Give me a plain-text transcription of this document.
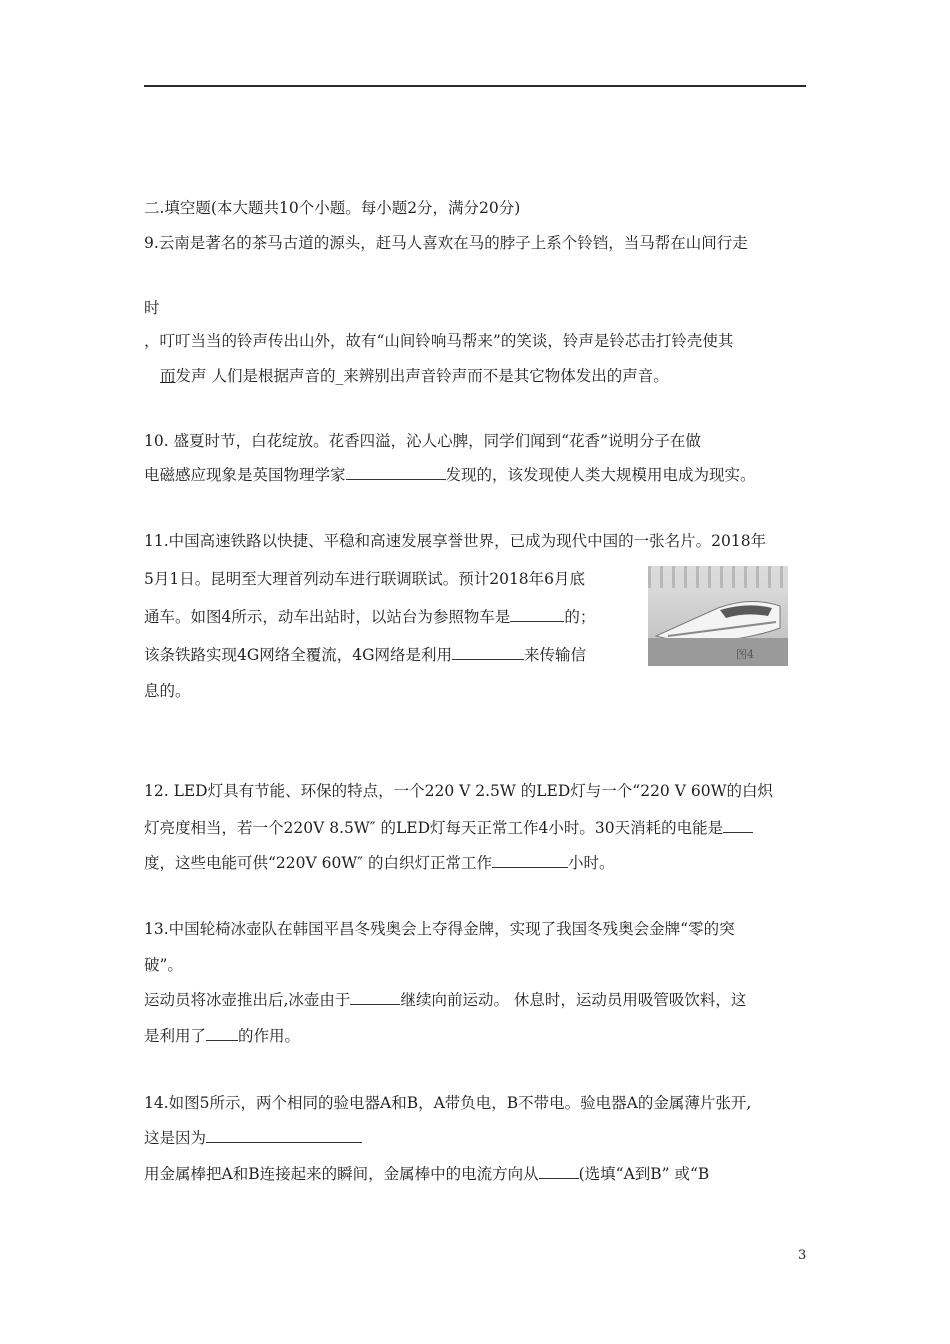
二.填空题(本大题共10个小题。每小题2分，满分20分)
9.云南是著名的茶马古道的源头，赶马人喜欢在马的脖子上系个铃铛，当马帮在山间行走
时
，叮叮当当的铃声传出山外，故有“山间铃响马帮来”的笑谈，铃声是铃芯击打铃壳使其
而发声 人们是根据声音的_来辨别出声音铃声而不是其它物体发出的声音。
10. 盛夏时节，白花绽放。花香四溢，沁人心脾，同学们闻到“花香”说明分子在做
电磁感应现象是英国物理学家	发现的，该发现使人类大规模用电成为现实。
11.中国高速铁路以快捷、平稳和高速发展享誉世界，已成为现代中国的一张名片。2018年
5月1日。昆明至大理首列动车进行联调联试。预计2018年6月底
通车。如图4所示，动车出站时，以站台为参照物车是	的；
该条铁路实现4G网络全覆流，4G网络是利用	来传输信
息的。
图4
12. LED灯具有节能、环保的特点，一个220 V 2.5W 的LED灯与一个“220 V 60W的白炽
灯亮度相当，若一个220V 8.5W″ 的LED灯每天正常工作4小时。30天消耗的电能是
度，这些电能可供“220V 60W″ 的白织灯正常工作	小时。
13.中国轮椅冰壶队在韩国平昌冬残奥会上夺得金牌，实现了我国冬残奥会金牌“零的突
破”。
运动员将冰壶推出后,冰壶由于	继续向前运动。 休息时，运动员用吸管吸饮料，这
是利用了 的作用。
14.如图5所示，两个相同的验电器A和B，A带负电，B不带电。验电器A的金属薄片张开,
这是因为
用金属棒把A和B连接起来的瞬间，金属棒中的电流方向从	(选填“A到B” 或“B
3
